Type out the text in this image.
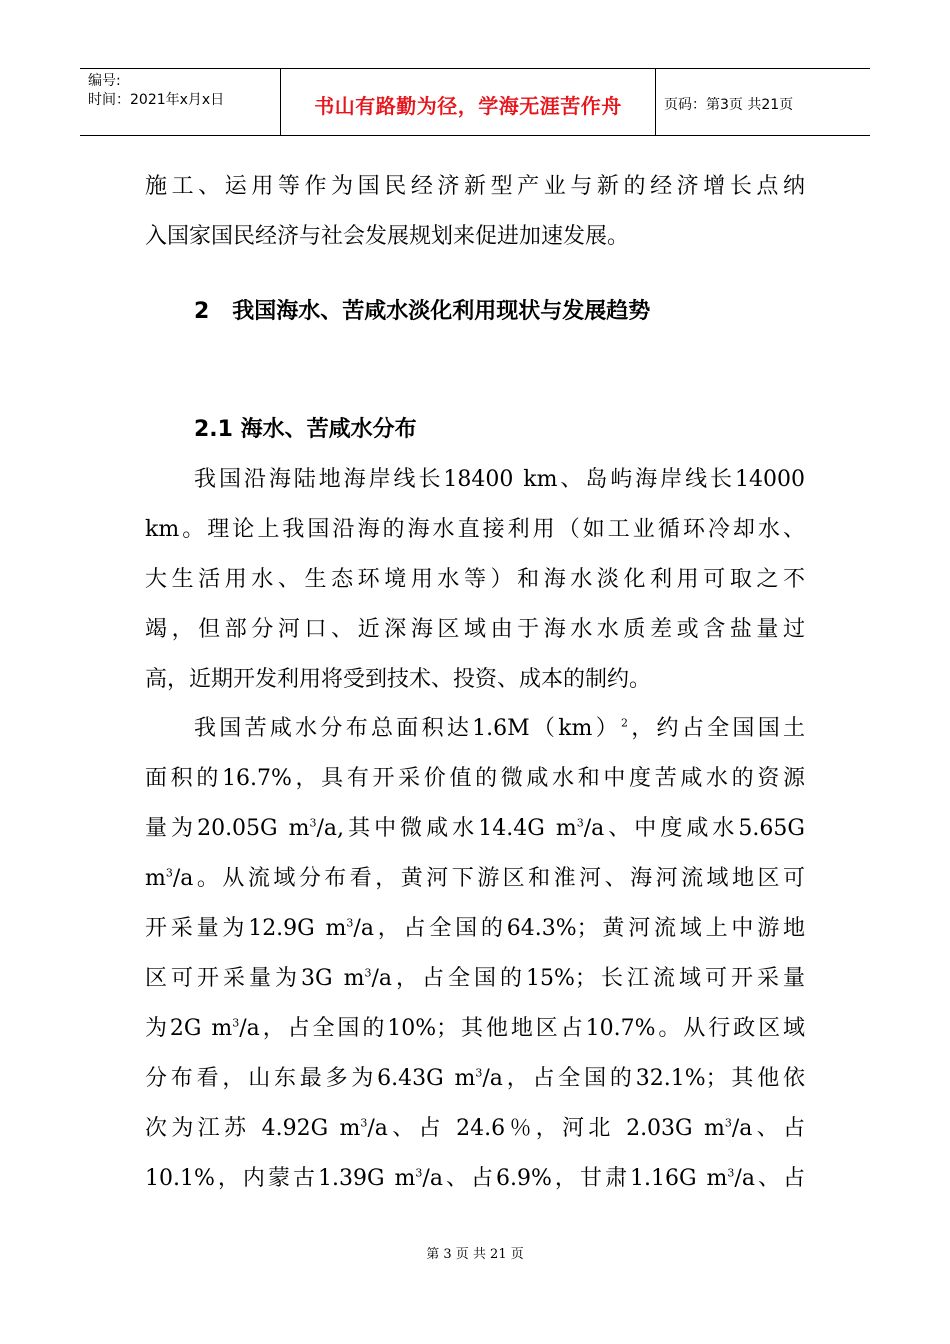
编号:
时间：2021年x月x日	书山有路勤为径，学海无涯苦作舟	页码：第3页 共21页
施工、运用等作为国民经济新型产业与新的经济增长点纳
入国家国民经济与社会发展规划来促进加速发展。
2   我国海水、苦咸水淡化利用现状与发展趋势
2.1 海水、苦咸水分布
我国沿海陆地海岸线长18400 km、岛屿海岸线长14000
km。理论上我国沿海的海水直接利用（如工业循环冷却水、
大生活用水、生态环境用水等）和海水淡化利用可取之不
竭，但部分河口、近深海区域由于海水水质差或含盐量过
高，近期开发利用将受到技术、投资、成本的制约。
我国苦咸水分布总面积达1.6M（km）$^2$，约占全国国土
面积的16.7%，具有开采价值的微咸水和中度苦咸水的资源
量为20.05G $m^3/a$,其中微咸水14.4G $m^3/a$、中度咸水5.65G
$m^3/a$。从流域分布看，黄河下游区和淮河、海河流域地区可
开采量为12.9G $m^3/a$，占全国的64.3%；黄河流域上中游地
区可开采量为3G $m^3/a$，占全国的15%；长江流域可开采量
为2G $m^3/a$，占全国的10%；其他地区占10.7%。从行政区域
分布看，山东最多为6.43G $m^3/a$，占全国的32.1%；其他依
次为江苏 4.92G $m^3/a$、占 24.6％，河北 2.03G $m^3/a$、占
10.1%，内蒙古1.39G $m^3/a$、占6.9%，甘肃1.16G $m^3/a$、占
第 3 页 共 21 页
